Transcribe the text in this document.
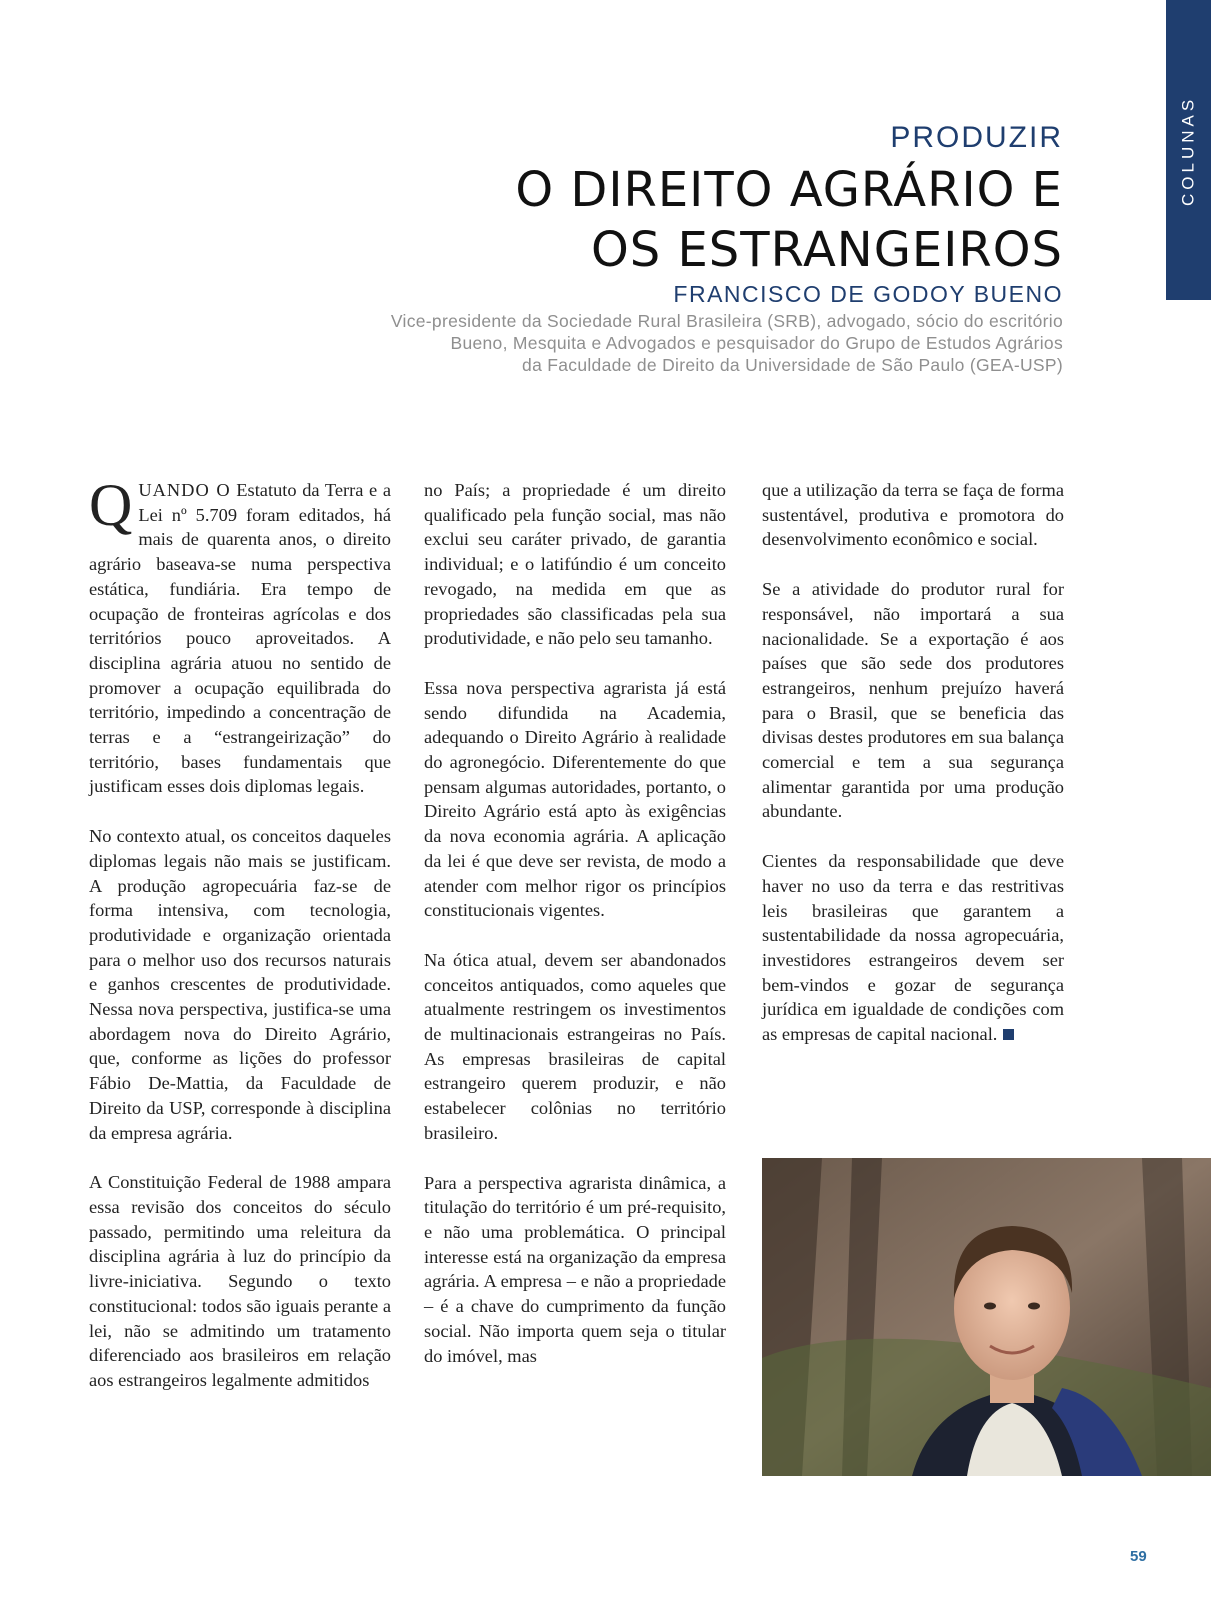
COLUNAS

PRODUZIR

O DIREITO AGRÁRIO E
OS ESTRANGEIROS

FRANCISCO DE GODOY BUENO

Vice-presidente da Sociedade Rural Brasileira (SRB), advogado, sócio do escritório
Bueno, Mesquita e Advogados e pesquisador do Grupo de Estudos Agrários
da Faculdade de Direito da Universidade de São Paulo (GEA-USP)

QUANDO O Estatuto da Terra e a Lei nº 5.709 foram editados, há mais de quarenta anos, o direito agrário baseava-se numa perspectiva estática, fundiária. Era tempo de ocupação de fronteiras agrícolas e dos territórios pouco aproveitados. A disciplina agrária atuou no sentido de promover a ocupação equilibrada do território, impedindo a concentração de terras e a “estrangeirização” do território, bases fundamentais que justificam esses dois diplomas legais.

No contexto atual, os conceitos daqueles diplomas legais não mais se justificam. A produção agropecuária faz-se de forma intensiva, com tecnologia, produtividade e organização orientada para o melhor uso dos recursos naturais e ganhos crescentes de produtividade. Nessa nova perspectiva, justifica-se uma abordagem nova do Direito Agrário, que, conforme as lições do professor Fábio De-Mattia, da Faculdade de Direito da USP, corresponde à disciplina da empresa agrária.

A Constituição Federal de 1988 ampara essa revisão dos conceitos do século passado, permitindo uma releitura da disciplina agrária à luz do princípio da livre-iniciativa. Segundo o texto constitucional: todos são iguais perante a lei, não se admitindo um tratamento diferenciado aos brasileiros em relação aos estrangeiros legalmente admitidos

no País; a propriedade é um direito qualificado pela função social, mas não exclui seu caráter privado, de garantia individual; e o latifúndio é um conceito revogado, na medida em que as propriedades são classificadas pela sua produtividade, e não pelo seu tamanho.

Essa nova perspectiva agrarista já está sendo difundida na Academia, adequando o Direito Agrário à realidade do agronegócio. Diferentemente do que pensam algumas autoridades, portanto, o Direito Agrário está apto às exigências da nova economia agrária. A aplicação da lei é que deve ser revista, de modo a atender com melhor rigor os princípios constitucionais vigentes.

Na ótica atual, devem ser abandonados conceitos antiquados, como aqueles que atualmente restringem os investimentos de multinacionais estrangeiras no País. As empresas brasileiras de capital estrangeiro querem produzir, e não estabelecer colônias no território brasileiro.

Para a perspectiva agrarista dinâmica, a titulação do território é um pré-requisito, e não uma problemática. O principal interesse está na organização da empresa agrária. A empresa – e não a propriedade – é a chave do cumprimento da função social. Não importa quem seja o titular do imóvel, mas

que a utilização da terra se faça de forma sustentável, produtiva e promotora do desenvolvimento econômico e social.

Se a atividade do produtor rural for responsável, não importará a sua nacionalidade. Se a exportação é aos países que são sede dos produtores estrangeiros, nenhum prejuízo haverá para o Brasil, que se beneficia das divisas destes produtores em sua balança comercial e tem a sua segurança alimentar garantida por uma produção abundante.

Cientes da responsabilidade que deve haver no uso da terra e das restritivas leis brasileiras que garantem a sustentabilidade da nossa agropecuária, investidores estrangeiros devem ser bem-vindos e gozar de segurança jurídica em igualdade de condições com as empresas de capital nacional.

59
